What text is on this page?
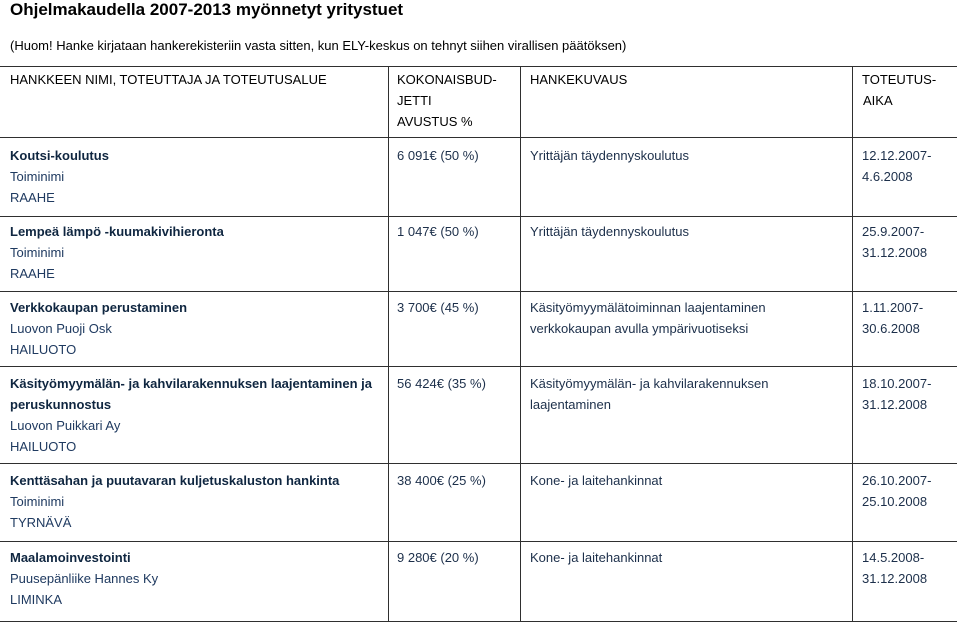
Ohjelmakaudella 2007-2013 myönnetyt yritystuet
(Huom! Hanke kirjataan hankerekisteriin vasta sitten, kun ELY-keskus on tehnyt siihen virallisen päätöksen)
HANKKEEN NIMI, TOTEUTTAJA JA TOTEUTUSALUE	KOKONAISBUD-
JETTI
AVUSTUS %
HANKEKUVAUS	TOTEUTUS-
AIKA
Koutsi-koulutus
Toiminimi
RAAHE
6 091€ (50 %)	Yrittäjän täydennyskoulutus	12.12.2007-
4.6.2008
Lempeä lämpö -kuumakivihieronta
Toiminimi
RAAHE
1 047€ (50 %)	Yrittäjän täydennyskoulutus	25.9.2007-
31.12.2008
Verkkokaupan perustaminen
Luovon Puoji Osk
HAILUOTO
3 700€ (45 %)	Käsityömyymälätoiminnan laajentaminen
verkkokaupan avulla ympärivuotiseksi
1.11.2007-
30.6.2008
Käsityömyymälän- ja kahvilarakennuksen laajentaminen ja
peruskunnostus
Luovon Puikkari Ay
HAILUOTO
56 424€ (35 %)	Käsityömyymälän- ja kahvilarakennuksen
laajentaminen
18.10.2007-
31.12.2008
Kenttäsahan ja puutavaran kuljetuskaluston hankinta
Toiminimi
TYRNÄVÄ
38 400€ (25 %)	Kone- ja laitehankinnat	26.10.2007-
25.10.2008
Maalamoinvestointi
Puusepänliike Hannes Ky
LIMINKA
9 280€ (20 %)	Kone- ja laitehankinnat	14.5.2008-
31.12.2008
